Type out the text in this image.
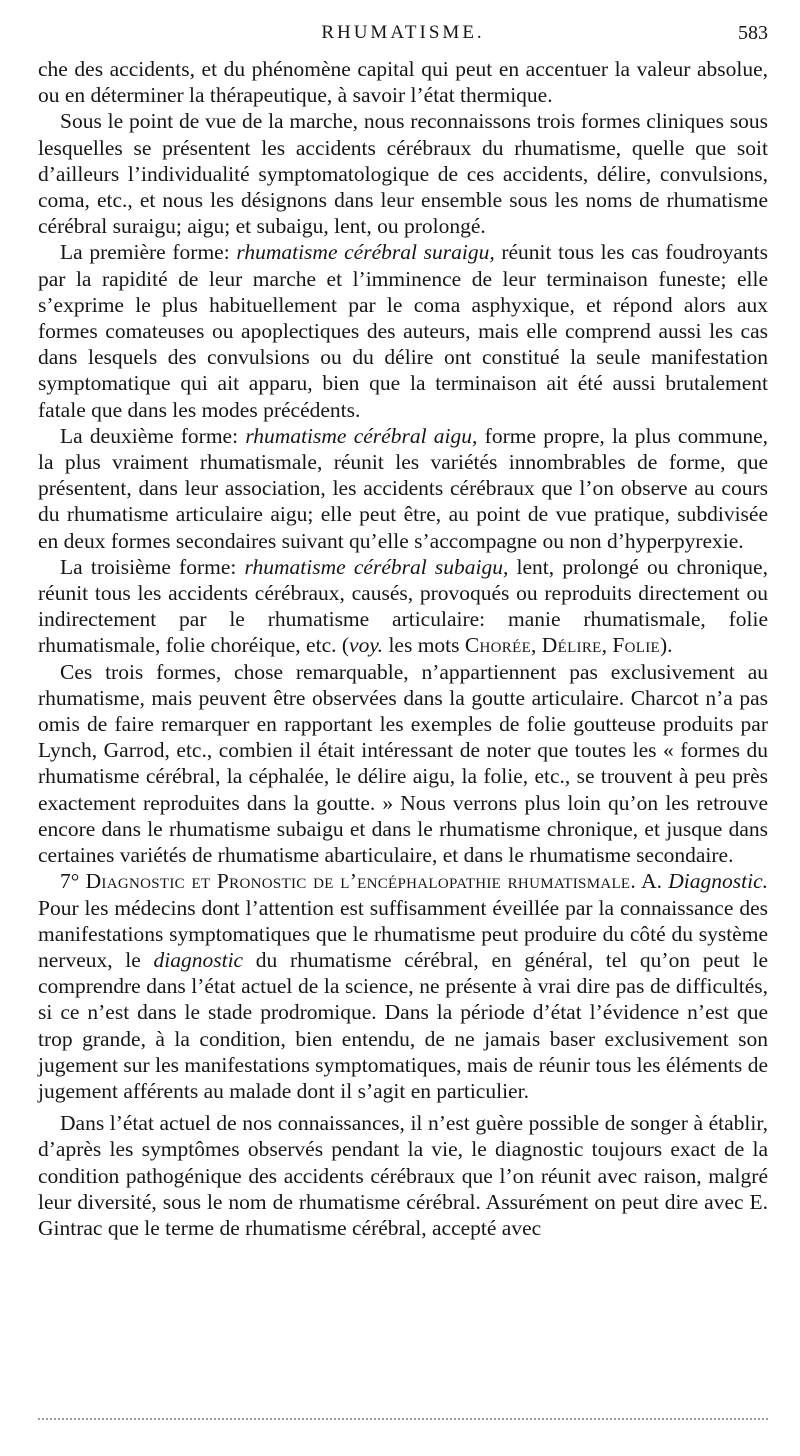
RHUMATISME.	583

che des accidents, et du phénomène capital qui peut en accentuer la valeur absolue, ou en déterminer la thérapeutique, à savoir l’état thermique.

Sous le point de vue de la marche, nous reconnaissons trois formes cliniques sous lesquelles se présentent les accidents cérébraux du rhumatisme, quelle que soit d’ailleurs l’individualité symptomatologique de ces accidents, délire, convulsions, coma, etc., et nous les désignons dans leur ensemble sous les noms de rhumatisme cérébral suraigu; aigu; et subaigu, lent, ou prolongé.

La première forme: rhumatisme cérébral suraigu, réunit tous les cas foudroyants par la rapidité de leur marche et l’imminence de leur terminaison funeste; elle s’exprime le plus habituellement par le coma asphyxique, et répond alors aux formes comateuses ou apoplectiques des auteurs, mais elle comprend aussi les cas dans lesquels des convulsions ou du délire ont constitué la seule manifestation symptomatique qui ait apparu, bien que la terminaison ait été aussi brutalement fatale que dans les modes précédents.

La deuxième forme: rhumatisme cérébral aigu, forme propre, la plus commune, la plus vraiment rhumatismale, réunit les variétés innombrables de forme, que présentent, dans leur association, les accidents cérébraux que l’on observe au cours du rhumatisme articulaire aigu; elle peut être, au point de vue pratique, subdivisée en deux formes secondaires suivant qu’elle s’accompagne ou non d’hyperpyrexie.

La troisième forme: rhumatisme cérébral subaigu, lent, prolongé ou chronique, réunit tous les accidents cérébraux, causés, provoqués ou reproduits directement ou indirectement par le rhumatisme articulaire: manie rhumatismale, folie rhumatismale, folie choréique, etc. (voy. les mots Chorée, Délire, Folie).

Ces trois formes, chose remarquable, n’appartiennent pas exclusivement au rhumatisme, mais peuvent être observées dans la goutte articulaire. Charcot n’a pas omis de faire remarquer en rapportant les exemples de folie goutteuse produits par Lynch, Garrod, etc., combien il était intéressant de noter que toutes les « formes du rhumatisme cérébral, la céphalée, le délire aigu, la folie, etc., se trouvent à peu près exactement reproduites dans la goutte. » Nous verrons plus loin qu’on les retrouve encore dans le rhumatisme subaigu et dans le rhumatisme chronique, et jusque dans certaines variétés de rhumatisme abarticulaire, et dans le rhumatisme secondaire.

7° Diagnostic et Pronostic de l’encéphalopathie rhumatismale. A. Diagnostic. Pour les médecins dont l’attention est suffisamment éveillée par la connaissance des manifestations symptomatiques que le rhumatisme peut produire du côté du système nerveux, le diagnostic du rhumatisme cérébral, en général, tel qu’on peut le comprendre dans l’état actuel de la science, ne présente à vrai dire pas de difficultés, si ce n’est dans le stade prodromique. Dans la période d’état l’évidence n’est que trop grande, à la condition, bien entendu, de ne jamais baser exclusivement son jugement sur les manifestations symptomatiques, mais de réunir tous les éléments de jugement afférents au malade dont il s’agit en particulier.

Dans l’état actuel de nos connaissances, il n’est guère possible de songer à établir, d’après les symptômes observés pendant la vie, le diagnostic toujours exact de la condition pathogénique des accidents cérébraux que l’on réunit avec raison, malgré leur diversité, sous le nom de rhumatisme cérébral. Assurément on peut dire avec E. Gintrac que le terme de rhumatisme cérébral, accepté avec
